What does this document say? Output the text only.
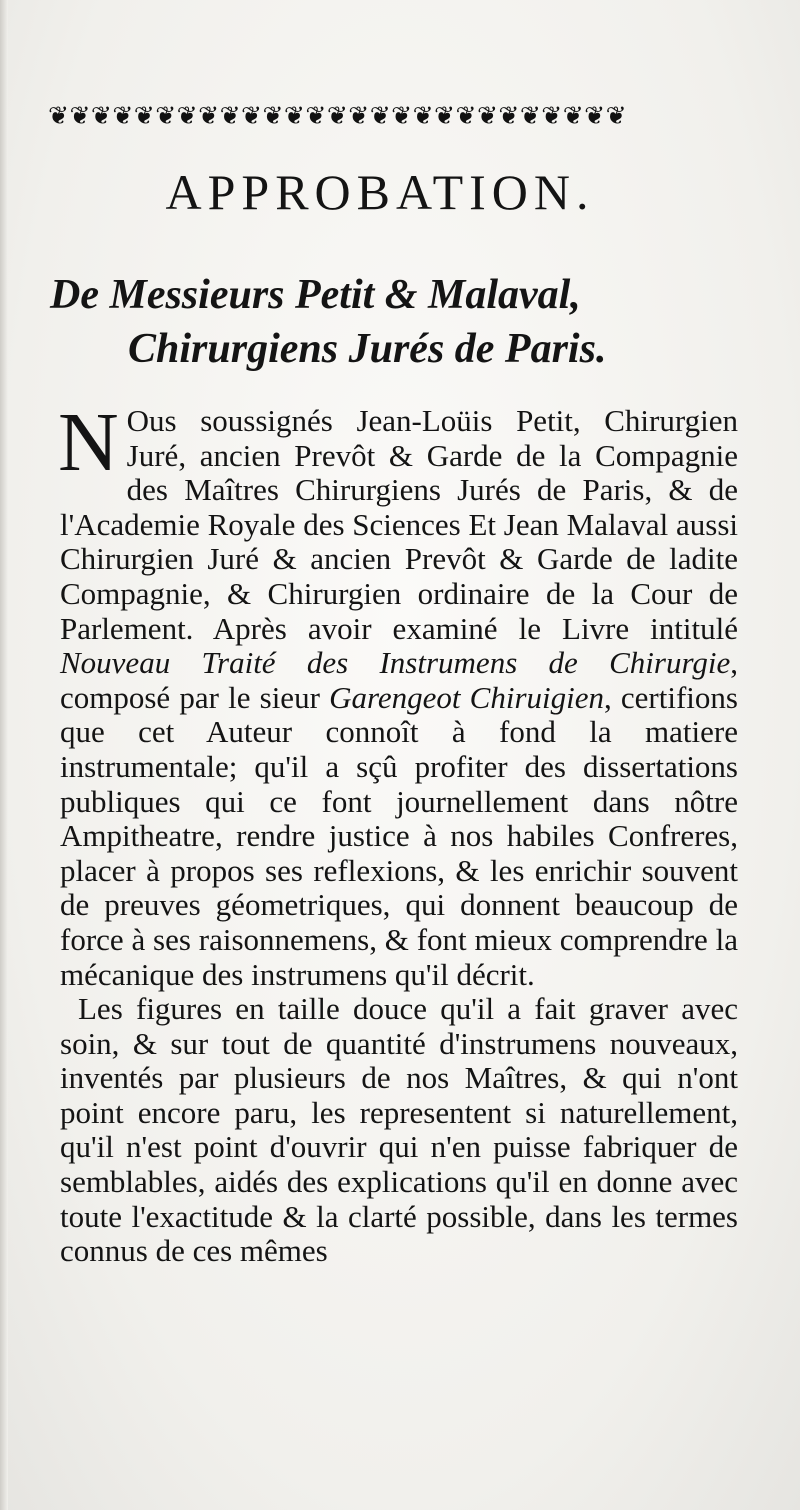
❦❦❦❦❦❦❦❦❦❦❦❦❦❦❦❦❦❦❦❦❦❦❦❦❦❦❦
APPROBATION.
De Messieurs Petit & Malaval,
Chirurgiens Jurés de Paris.

N Ous soussignés Jean-Loüis Petit, Chirurgien Juré, ancien Prevôt & Garde de la Compagnie des Maîtres Chirurgiens Jurés de Paris, & de l'Academie Royale des Sciences Et Jean Malaval aussi Chirurgien Juré & ancien Prevôt & Garde de ladite Compagnie, & Chirurgien ordinaire de la Cour de Parlement. Après avoir examiné le Livre intitulé Nouveau Traité des Instrumens de Chirurgie, composé par le sieur Garengeot Chiruigien, certifions que cet Auteur connoît à fond la matiere instrumentale; qu'il a sçû profiter des dissertations publiques qui ce font journellement dans nôtre Ampitheatre, rendre justice à nos habiles Confreres, placer à propos ses reflexions, & les enrichir souvent de preuves géometriques, qui donnent beaucoup de force à ses raisonnemens, & font mieux comprendre la mécanique des instrumens qu'il décrit.

Les figures en taille douce qu'il a fait graver avec soin, & sur tout de quantité d'instrumens nouveaux, inventés par plusieurs de nos Maîtres, & qui n'ont point encore paru, les representent si naturellement, qu'il n'est point d'ouvrir qui n'en puisse fabriquer de semblables, aidés des explications qu'il en donne avec toute l'exactitude & la clarté possible, dans les termes connus de ces mêmes
